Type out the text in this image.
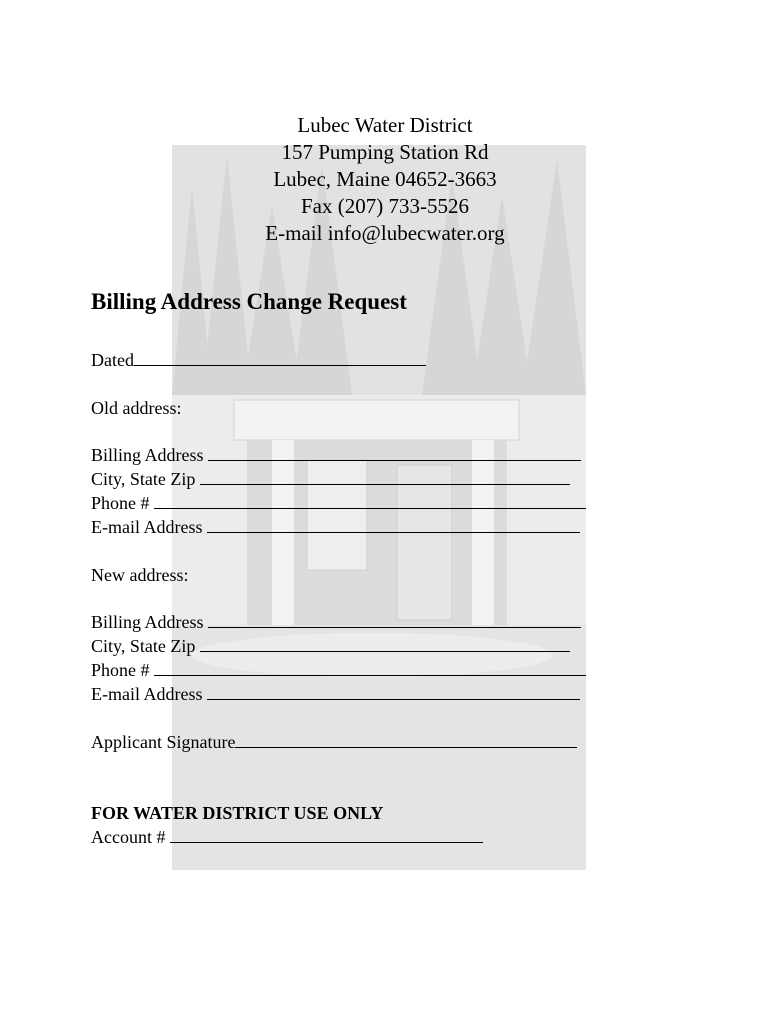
Lubec Water District
157 Pumping Station Rd
Lubec, Maine 04652-3663
Fax (207) 733-5526
E-mail info@lubecwater.org
Billing Address Change Request
Dated
Old address:
Billing Address
City, State Zip
Phone #
E-mail Address
New address:
Billing Address
City, State Zip
Phone #
E-mail Address
Applicant Signature
FOR WATER DISTRICT USE ONLY
Account #
